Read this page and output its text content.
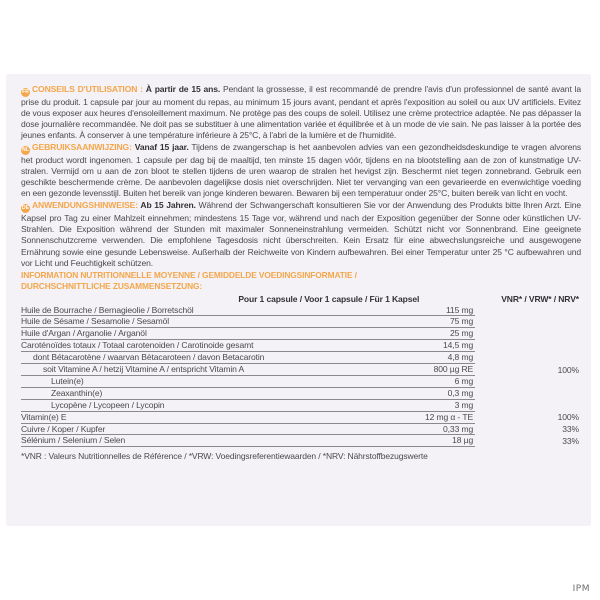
FR CONSEILS D'UTILISATION : À partir de 15 ans. Pendant la grossesse, il est recommandé de prendre l'avis d'un professionnel de santé avant la prise du produit. 1 capsule par jour au moment du repas, au minimum 15 jours avant, pendant et après l'exposition au soleil ou aux UV artificiels. Evitez de vous exposer aux heures d'ensoleillement maximum. Ne protège pas des coups de soleil. Utilisez une crème protectrice adaptée. Ne pas dépasser la dose journalière recommandée. Ne doit pas se substituer à une alimentation variée et équilibrée et à un mode de vie sain. Ne pas laisser à la portée des jeunes enfants. À conserver à une température inférieure à 25°C, à l'abri de la lumière et de l'humidité.

NL GEBRUIKSAANWIJZING: Vanaf 15 jaar. Tijdens de zwangerschap is het aanbevolen advies van een gezondheidsdeskundige te vragen alvorens het product wordt ingenomen. 1 capsule per dag bij de maaltijd, ten minste 15 dagen vóór, tijdens en na blootstelling aan de zon of kunstmatige UV-stralen. Vermijd om u aan de zon bloot te stellen tijdens de uren waarop de stralen het hevigst zijn. Beschermt niet tegen zonnebrand. Gebruik een geschikte beschermende crème. De aanbevolen dagelijkse dosis niet overschrijden. Niet ter vervanging van een gevarieerde en evenwichtige voeding en een gezonde levensstijl. Buiten het bereik van jonge kinderen bewaren. Bewaren bij een temperatuur onder 25°C, buiten bereik van licht en vocht.

DE ANWENDUNGSHINWEISE: Ab 15 Jahren. Während der Schwangerschaft konsultieren Sie vor der Anwendung des Produkts bitte Ihren Arzt. Eine Kapsel pro Tag zu einer Mahlzeit einnehmen; mindestens 15 Tage vor, während und nach der Exposition gegenüber der Sonne oder künstlichen UV-Strahlen. Die Exposition während der Stunden mit maximaler Sonneneinstrahlung vermeiden. Schützt nicht vor Sonnenbrand. Eine geeignete Sonnenschutzcreme verwenden. Die empfohlene Tagesdosis nicht überschreiten. Kein Ersatz für eine abwechslungsreiche und ausgewogene Ernährung sowie eine gesunde Lebensweise. Außerhalb der Reichweite von Kindern aufbewahren. Bei einer Temperatur unter 25 °C aufbewahren und vor Licht und Feuchtigkeit schützen.

INFORMATION NUTRITIONNELLE MOYENNE / GEMIDDELDE VOEDINGSINFORMATIE /
DURCHSCHNITTLICHE ZUSAMMENSETZUNG:
	Pour 1 capsule / Voor 1 capsule / Für 1 Kapsel	VNR* / VRW* / NRV*
Huile de Bourrache / Bernagieolie / Borretschöl	115 mg	
Huile de Sésame / Sesamolie / Sesamöl	75 mg	
Huile d'Argan / Arganolie / Arganöl	25 mg	
Caroténoïdes totaux / Totaal carotenoiden / Carotinoide gesamt	14,5 mg	
dont Bétacarotène / waarvan Bètacaroteen / davon Betacarotin	4,8 mg	
soit Vitamine A / hetzij Vitamine A / entspricht Vitamin A	800 µg RE	100%
Lutein(e)	6 mg	
Zeaxanthin(e)	0,3 mg	
Lycopène / Lycopeen / Lycopin	3 mg	
Vitamin(e) E	12 mg α - TE	100%
Cuivre / Koper / Kupfer	0,33 mg	33%
Sélénium / Selenium / Selen	18 µg	33%
*VNR : Valeurs Nutritionnelles de Référence / *VRW: Voedingsreferentiewaarden / *NRV: Nährstoffbezugswerte
IPM
